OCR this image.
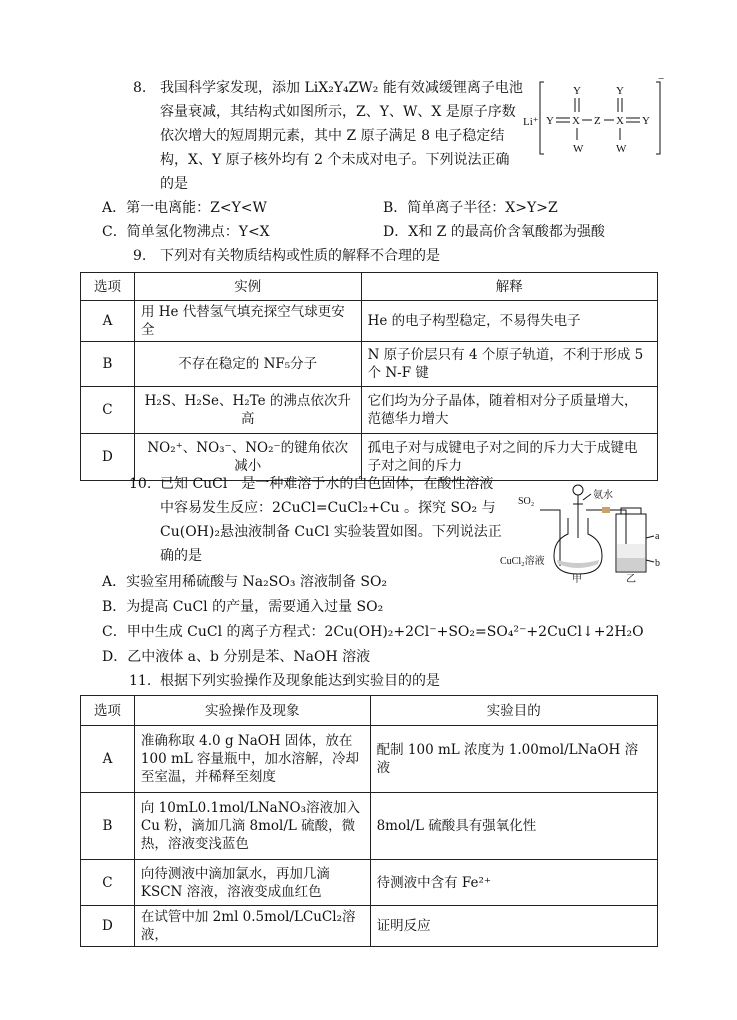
8. 我国科学家发现，添加 LiX₂Y₄ZW₂ 能有效减缓锂离子电池
容量衰减，其结构式如图所示，Z、Y、W、X 是原子序数
依次增大的短周期元素，其中 Z 原子满足 8 电子稳定结
构，X、Y 原子核外均有 2 个未成对电子。下列说法正确
的是
A．第一电离能：Z<Y<W	B．简单离子半径：X>Y>Z
C．简单氢化物沸点：Y<X	D．X和 Z 的最高价含氧酸都为强酸
Li⁺
−
Y	Y
Y X Z X Y
W	W
9. 下列对有关物质结构或性质的解释不合理的是
选项	实例	解释
A	用 He 代替氢气填充探空气球更安全	He 的电子构型稳定，不易得失电子
B	不存在稳定的 NF₅分子	N 原子价层只有 4 个原子轨道，不利于形成 5 个 N-F 键
C	H₂S、H₂Se、H₂Te 的沸点依次升高	它们均为分子晶体，随着相对分子质量增大，范德华力增大
D	NO₂⁺、NO₃⁻、NO₂⁻的键角依次减小	孤电子对与成键电子对之间的斥力大于成键电子对之间的斥力
10. 已知 CuCl　是一种难溶于水的白色固体，在酸性溶液
中容易发生反应：2CuCl=CuCl₂+Cu 。探究 SO₂ 与
Cu(OH)₂悬浊液制备 CuCl 实验装置如图。下列说法正
确的是
A．实验室用稀硫酸与 Na₂SO₃ 溶液制备 SO₂
B．为提高 CuCl 的产量，需要通入过量 SO₂
C．甲中生成 CuCl 的离子方程式：2Cu(OH)₂+2Cl⁻+SO₂=SO₄²⁻+2CuCl↓+2H₂O
D．乙中液体 a、b 分别是苯、NaOH 溶液
SO₂
氨水
a
b
CuCl₂溶液
甲	乙
11. 根据下列实验操作及现象能达到实验目的的是
选项	实验操作及现象	实验目的
A	准确称取 4.0 g NaOH 固体，放在 100 mL 容量瓶中，加水溶解，冷却至室温，并稀释至刻度	配制 100 mL 浓度为 1.00mol/LNaOH 溶液
B	向 10mL0.1mol/LNaNO₃溶液加入 Cu 粉，滴加几滴 8mol/L 硫酸，微热，溶液变浅蓝色	8mol/L 硫酸具有强氧化性
C	向待测液中滴加氯水，再加几滴 KSCN 溶液，溶液变成血红色	待测液中含有 Fe²⁺
D	在试管中加 2ml 0.5mol/LCuCl₂溶液，	证明反应
